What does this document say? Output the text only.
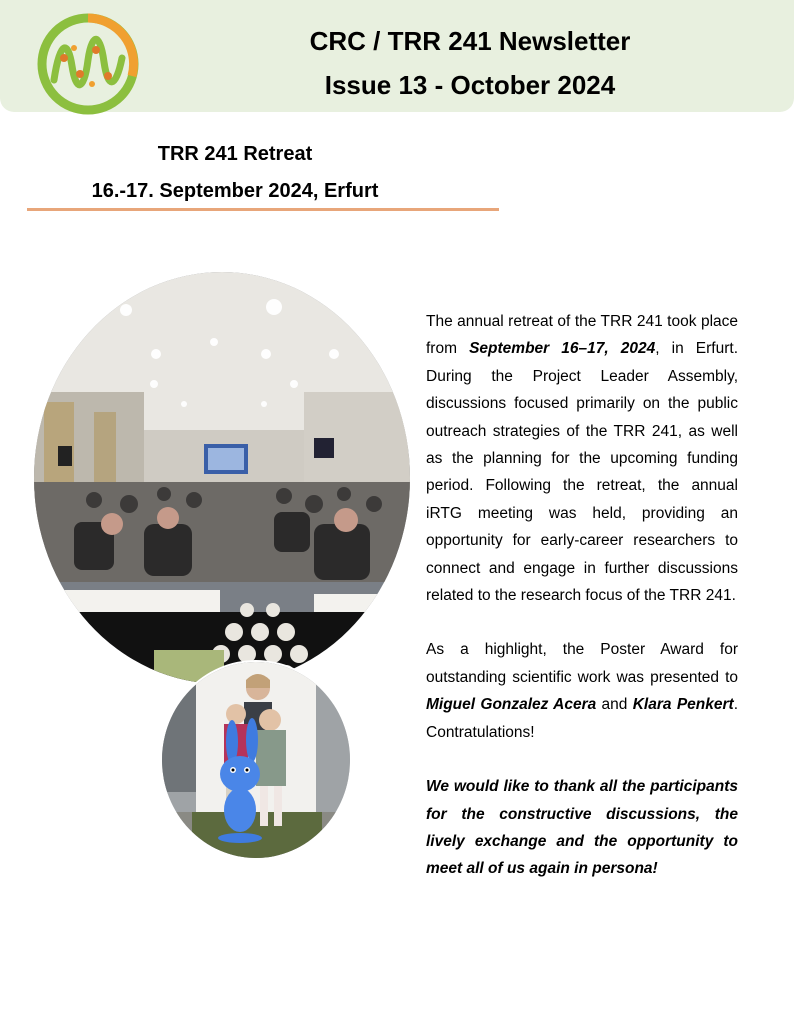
CRC / TRR 241 Newsletter
Issue 13 - October 2024
TRR 241 Retreat
16.-17. September 2024, Erfurt

The annual retreat of the TRR 241 took place from September 16–17, 2024, in Erfurt. During the Project Leader Assembly, discussions focused primarily on the public outreach strategies of the TRR 241, as well as the planning for the upcoming funding period. Following the retreat, the annual iRTG meeting was held, providing an opportunity for early-career researchers to connect and engage in further discussions related to the research focus of the TRR 241.

As a highlight, the Poster Award for outstanding scientific work was presented to Miguel Gonzalez Acera and Klara Penkert. Contratulations!

We would like to thank all the participants for the constructive discussions, the lively exchange and the opportunity to meet all of us again in persona!
